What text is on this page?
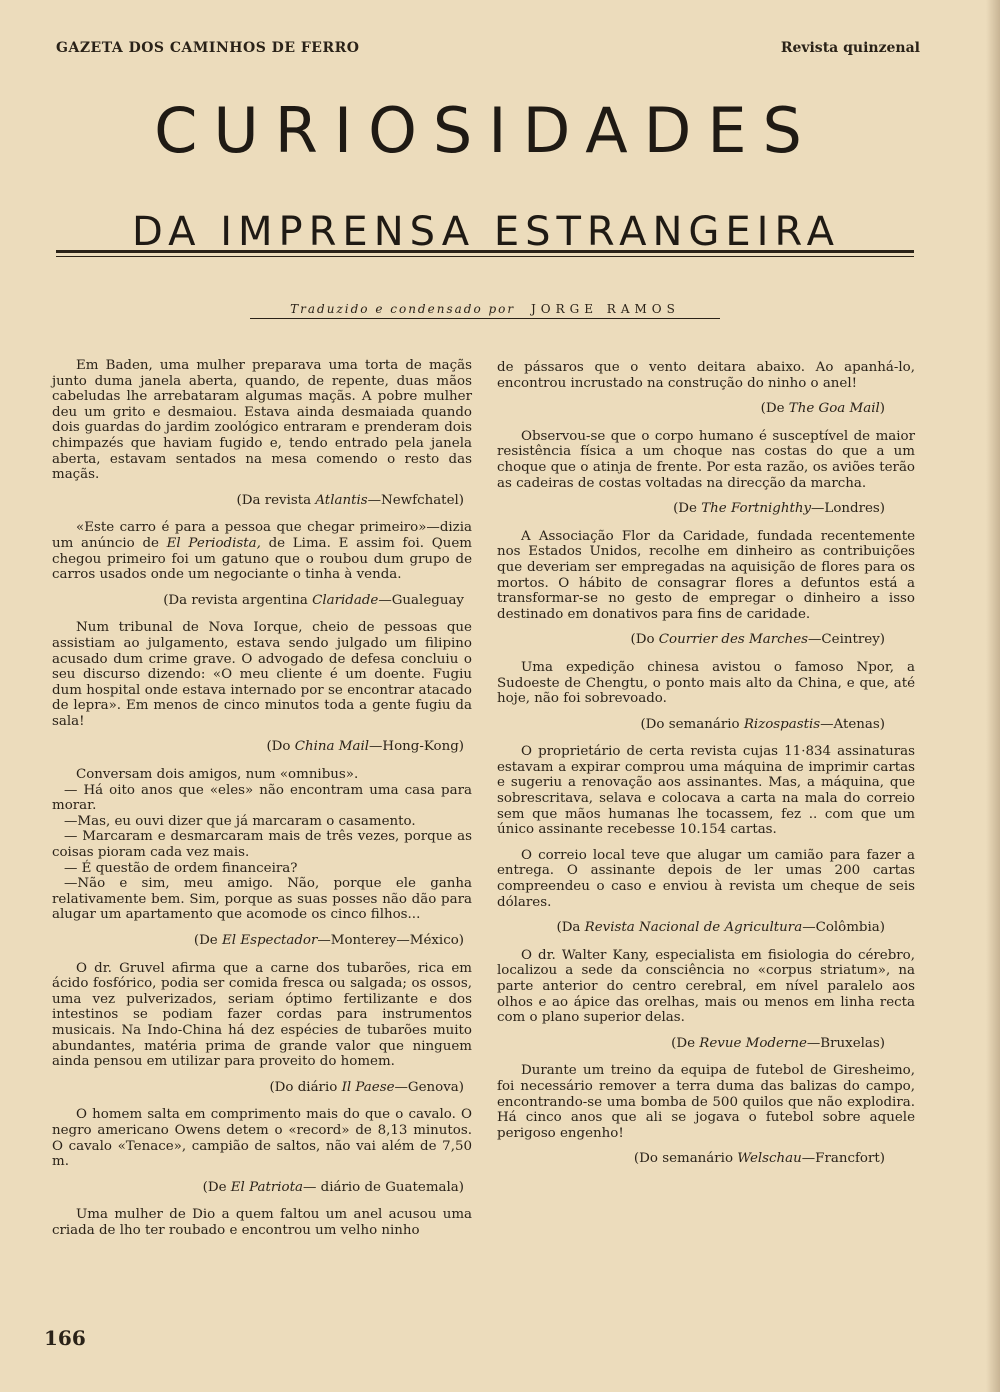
GAZETA DOS CAMINHOS DE FERRO	Revista quinzenal
CURIOSIDADES
DA IMPRENSA ESTRANGEIRA
Traduzido e condensado por JORGE RAMOS

Em Baden, uma mulher preparava uma torta de maçãs junto duma janela aberta, quando, de repente, duas mãos cabeludas lhe arrebataram algumas maçãs. A pobre mulher deu um grito e desmaiou. Estava ainda desmaiada quando dois guardas do jardim zoológico entraram e prenderam dois chimpazés que haviam fugido e, tendo entrado pela janela aberta, estavam sentados na mesa comendo o resto das maçãs.

(Da revista Atlantis—Newfchatel)

«Este carro é para a pessoa que chegar primeiro»—dizia um anúncio de El Periodista, de Lima. E assim foi. Quem chegou primeiro foi um gatuno que o roubou dum grupo de carros usados onde um negociante o tinha à venda.

(Da revista argentina Claridade—Gualeguay

Num tribunal de Nova Iorque, cheio de pessoas que assistiam ao julgamento, estava sendo julgado um filipino acusado dum crime grave. O advogado de defesa concluiu o seu discurso dizendo: «O meu cliente é um doente. Fugiu dum hospital onde estava internado por se encontrar atacado de lepra». Em menos de cinco minutos toda a gente fugiu da sala!

(Do China Mail—Hong-Kong)

Conversam dois amigos, num «omnibus».

— Há oito anos que «eles» não encontram uma casa para morar.

—Mas, eu ouvi dizer que já marcaram o casamento.

— Marcaram e desmarcaram mais de três vezes, porque as coisas pioram cada vez mais.

— É questão de ordem financeira?

—Não e sim, meu amigo. Não, porque ele ganha relativamente bem. Sim, porque as suas posses não dão para alugar um apartamento que acomode os cinco filhos...

(De El Espectador—Monterey—México)

O dr. Gruvel afirma que a carne dos tubarões, rica em ácido fosfórico, podia ser comida fresca ou salgada; os ossos, uma vez pulverizados, seriam óptimo fertilizante e dos intestinos se podiam fazer cordas para instrumentos musicais. Na Indo-China há dez espécies de tubarões muito abundantes, matéria prima de grande valor que ninguem ainda pensou em utilizar para proveito do homem.

(Do diário Il Paese—Genova)

O homem salta em comprimento mais do que o cavalo. O negro americano Owens detem o «record» de 8,13 minutos. O cavalo «Tenace», campião de saltos, não vai além de 7,50 m.

(De El Patriota— diário de Guatemala)

Uma mulher de Dio a quem faltou um anel acusou uma criada de lho ter roubado e encontrou um velho ninho

de pássaros que o vento deitara abaixo. Ao apanhá-lo, encontrou incrustado na construção do ninho o anel!

(De The Goa Mail)

Observou-se que o corpo humano é susceptível de maior resistência física a um choque nas costas do que a um choque que o atinja de frente. Por esta razão, os aviões terão as cadeiras de costas voltadas na direcção da marcha.

(De The Fortnighthy—Londres)

A Associação Flor da Caridade, fundada recentemente nos Estados Unidos, recolhe em dinheiro as contribuições que deveriam ser empregadas na aquisição de flores para os mortos. O hábito de consagrar flores a defuntos está a transformar-se no gesto de empregar o dinheiro a isso destinado em donativos para fins de caridade.

(Do Courrier des Marches—Ceintrey)

Uma expedição chinesa avistou o famoso Npor, a Sudoeste de Chengtu, o ponto mais alto da China, e que, até hoje, não foi sobrevoado.

(Do semanário Rizospastis—Atenas)

O proprietário de certa revista cujas 11·834 assinaturas estavam a expirar comprou uma máquina de imprimir cartas e sugeriu a renovação aos assinantes. Mas, a máquina, que sobrescritava, selava e colocava a carta na mala do correio sem que mãos humanas lhe tocassem, fez .. com que um único assinante recebesse 10.154 cartas.

O correio local teve que alugar um camião para fazer a entrega. O assinante depois de ler umas 200 cartas compreendeu o caso e enviou à revista um cheque de seis dólares.

(Da Revista Nacional de Agricultura—Colômbia)

O dr. Walter Kany, especialista em fisiologia do cérebro, localizou a sede da consciência no «corpus striatum», na parte anterior do centro cerebral, em nível paralelo aos olhos e ao ápice das orelhas, mais ou menos em linha recta com o plano superior delas.

(De Revue Moderne—Bruxelas)

Durante um treino da equipa de futebol de Giresheimo, foi necessário remover a terra duma das balizas do campo, encontrando-se uma bomba de 500 quilos que não explodira. Há cinco anos que ali se jogava o futebol sobre aquele perigoso engenho!

(Do semanário Welschau—Francfort)
166
